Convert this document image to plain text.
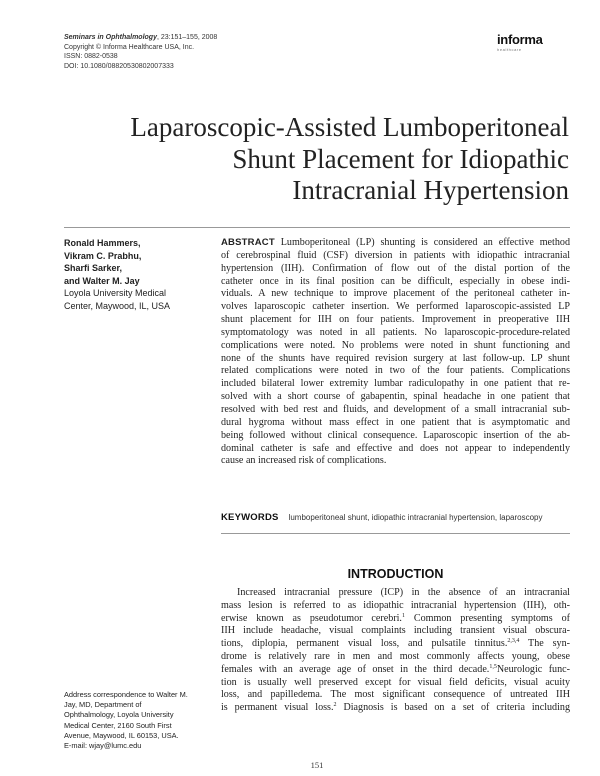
Seminars in Ophthalmology, 23:151–155, 2008
Copyright © Informa Healthcare USA, Inc.
ISSN: 0882-0538
DOI: 10.1080/08820530802007333
informa
healthcare
Laparoscopic-Assisted Lumboperitoneal
Shunt Placement for Idiopathic
Intracranial Hypertension
Ronald Hammers,
Vikram C. Prabhu,
Sharfi Sarker,
and Walter M. Jay
Loyola University Medical
Center, Maywood, IL, USA
ABSTRACT Lumboperitoneal (LP) shunting is considered an effective method
of cerebrospinal fluid (CSF) diversion in patients with idiopathic intracranial
hypertension (IIH). Confirmation of flow out of the distal portion of the
catheter once in its final position can be difficult, especially in obese indi-
viduals. A new technique to improve placement of the peritoneal catheter in-
volves laparoscopic catheter insertion. We performed laparoscopic-assisted LP
shunt placement for IIH on four patients. Improvement in preoperative IIH
symptomatology was noted in all patients. No laparoscopic-procedure-related
complications were noted. No problems were noted in shunt functioning and
none of the shunts have required revision surgery at last follow-up. LP shunt
related complications were noted in two of the four patients. Complications
included bilateral lower extremity lumbar radiculopathy in one patient that re-
solved with a short course of gabapentin, spinal headache in one patient that
resolved with bed rest and fluids, and development of a small intracranial sub-
dural hygroma without mass effect in one patient that is asymptomatic and
being followed without clinical consequence. Laparoscopic insertion of the ab-
dominal catheter is safe and effective and does not appear to independently
cause an increased risk of complications.
KEYWORDS lumboperitoneal shunt, idiopathic intracranial hypertension, laparoscopy
INTRODUCTION
Increased intracranial pressure (ICP) in the absence of an intracranial
mass lesion is referred to as idiopathic intracranial hypertension (IIH), oth-
erwise known as pseudotumor cerebri.$^1$ Common presenting symptoms of
IIH include headache, visual complaints including transient visual obscura-
tions, diplopia, permanent visual loss, and pulsatile tinnitus.$^{2,3,4}$ The syn-
drome is relatively rare in men and most commonly affects young, obese
females with an average age of onset in the third decade.$^{1,5}$Neurologic func-
tion is usually well preserved except for visual field deficits, visual acuity
loss, and papilledema. The most significant consequence of untreated IIH
is permanent visual loss.$^2$ Diagnosis is based on a set of criteria including
Address correspondence to Walter M.
Jay, MD, Department of
Ophthalmology, Loyola University
Medical Center, 2160 South First
Avenue, Maywood, IL 60153, USA.
E-mail: wjay@lumc.edu
151
